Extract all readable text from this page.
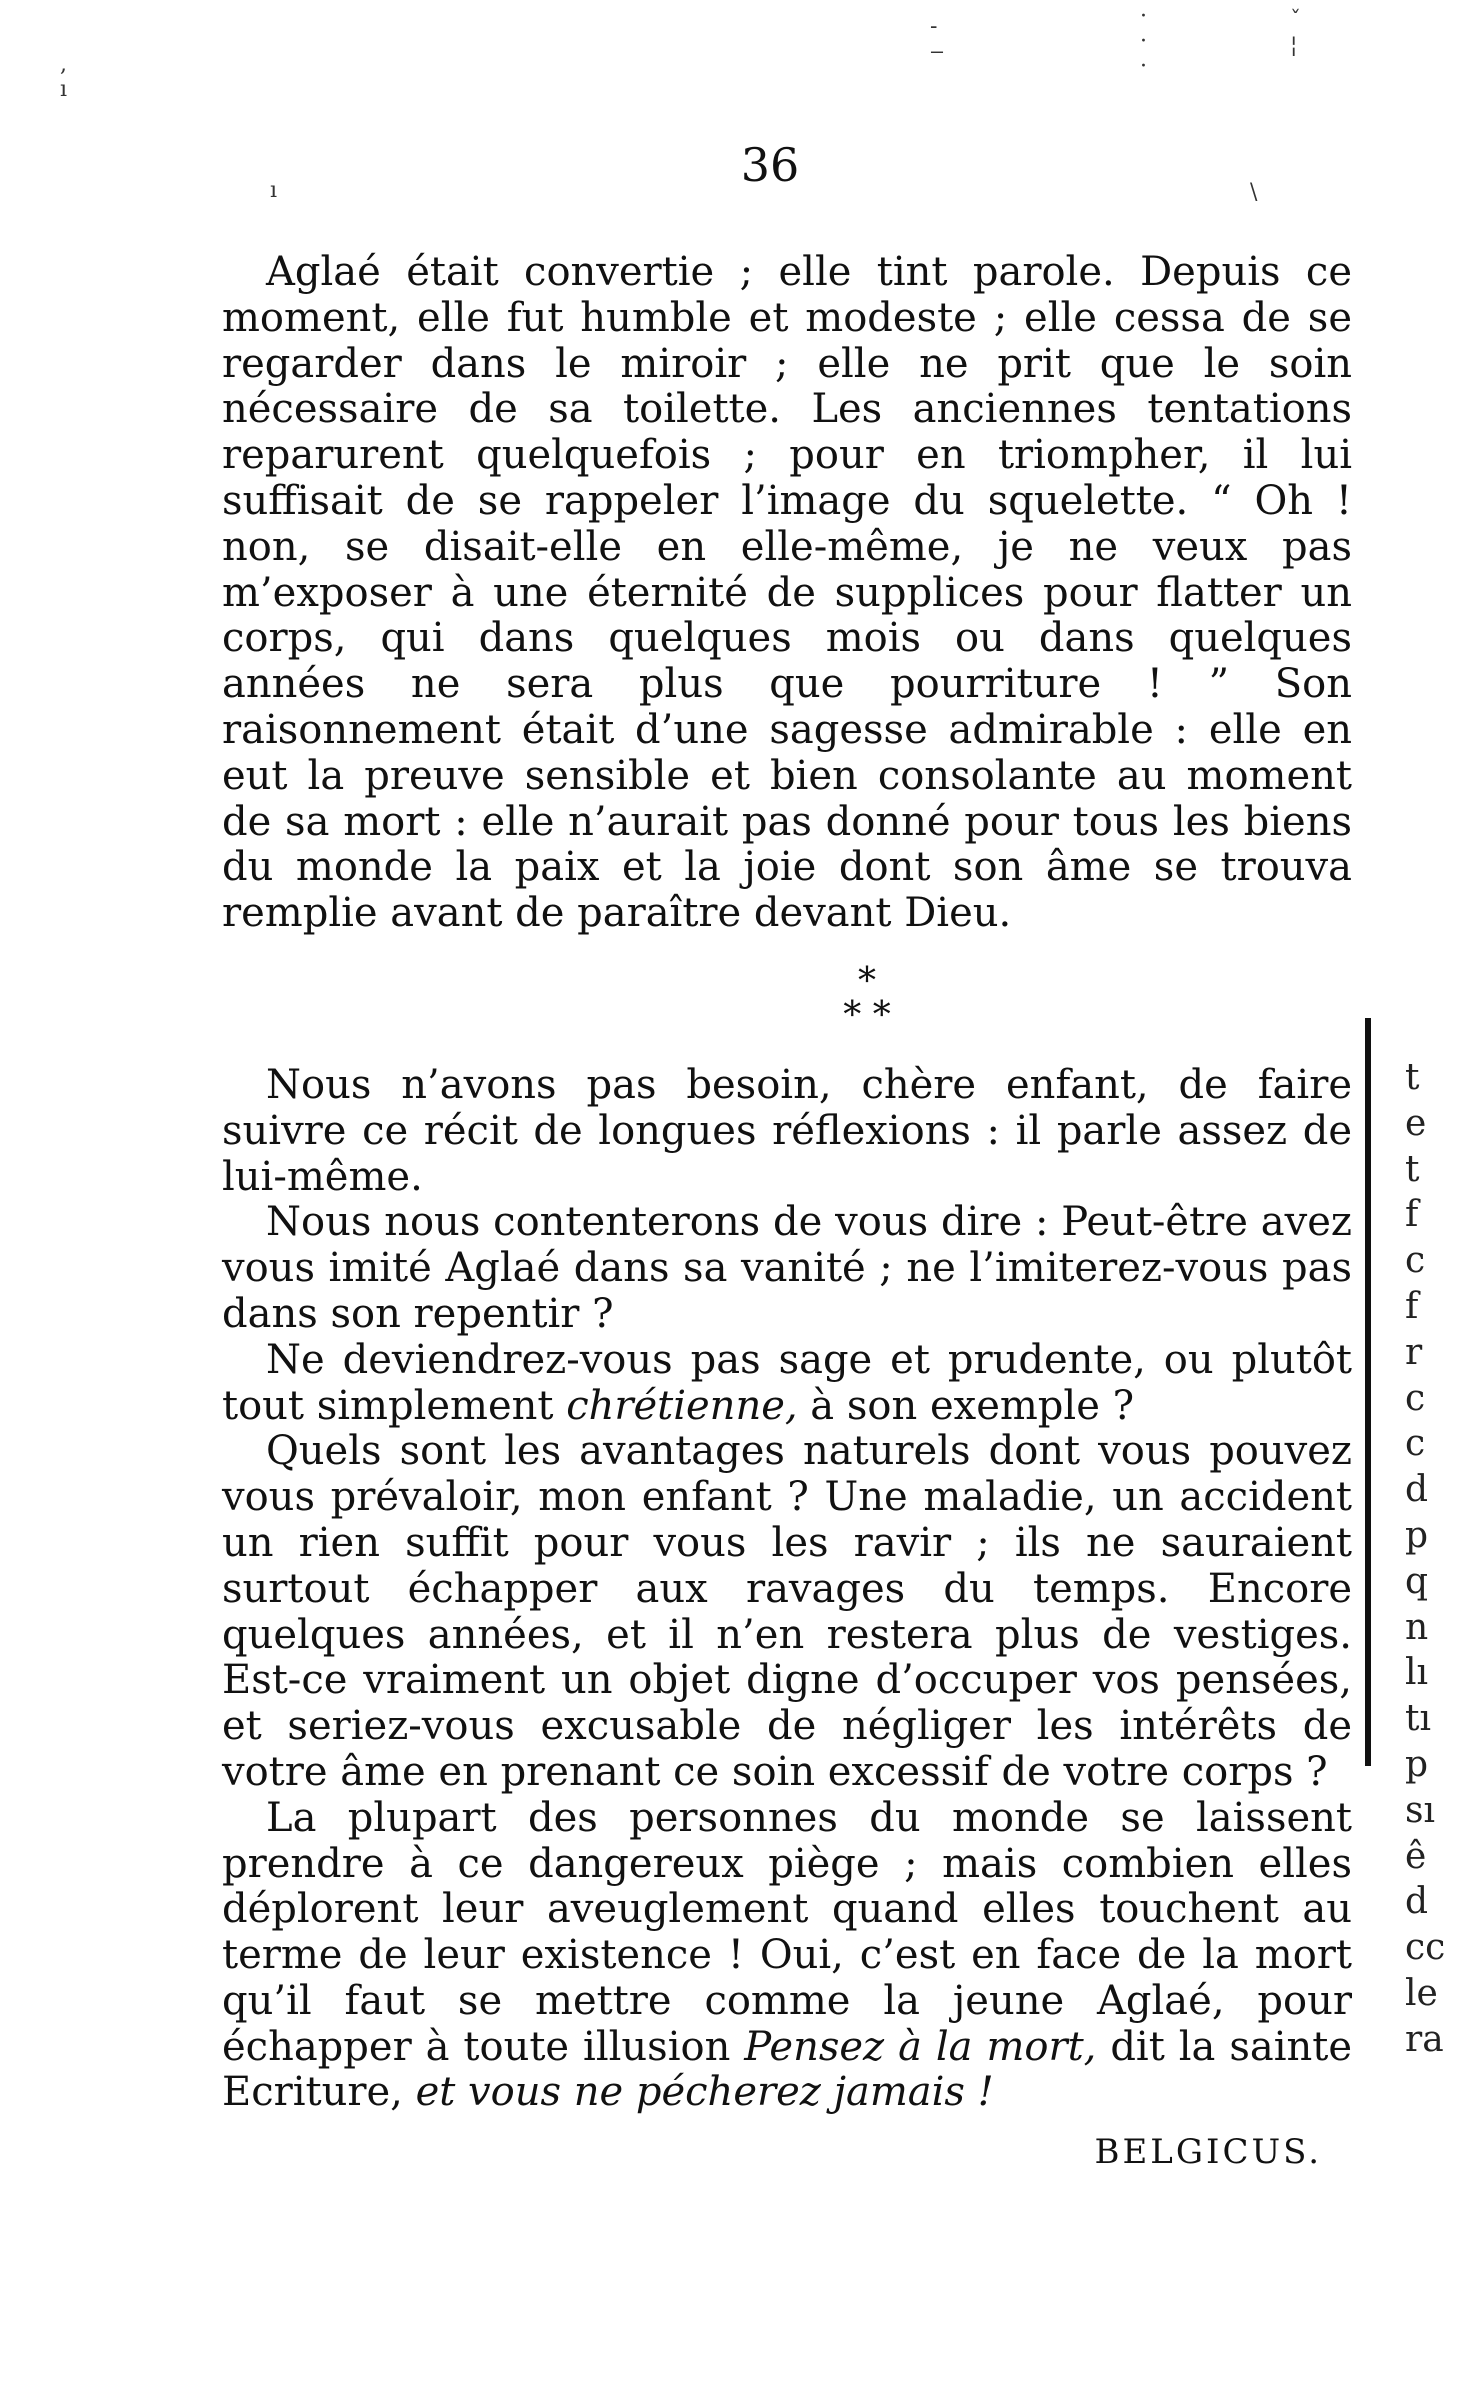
, ı
- ‒
· · ·
ˇ ¦
ı	\
36

Aglaé était convertie ; elle tint parole. Depuis ce moment, elle fut humble et modeste ; elle cessa de se regarder dans le miroir ; elle ne prit que le soin nécessaire de sa toilette. Les anciennes tentations reparurent quelquefois ; pour en triompher, il lui suffisait de se rappeler l’image du squelette. “ Oh ! non, se disait-elle en elle-même, je ne veux pas m’exposer à une éternité de supplices pour flatter un corps, qui dans quelques mois ou dans quelques années ne sera plus que pourriture ! ” Son raisonnement était d’une sagesse admirable : elle en eut la preuve sensible et bien consolante au moment de sa mort : elle n’aurait pas donné pour tous les biens du monde la paix et la joie dont son âme se trouva remplie avant de paraître devant Dieu.

*
* *

Nous n’avons pas besoin, chère enfant, de faire suivre ce récit de longues réflexions : il parle assez de lui-même.

Nous nous contenterons de vous dire : Peut-être avez vous imité Aglaé dans sa vanité ; ne l’imiterez-vous pas dans son repentir ?

Ne deviendrez-vous pas sage et prudente, ou plutôt tout simplement chrétienne, à son exemple ?

Quels sont les avantages naturels dont vous pouvez vous prévaloir, mon enfant ? Une maladie, un accident un rien suffit pour vous les ravir ; ils ne sauraient surtout échapper aux ravages du temps. Encore quelques années, et il n’en restera plus de vestiges. Est-ce vraiment un objet digne d’occuper vos pensées, et seriez-vous excusable de négliger les intérêts de votre âme en prenant ce soin excessif de votre corps ?

La plupart des personnes du monde se laissent prendre à ce dangereux piège ; mais combien elles déplorent leur aveuglement quand elles touchent au terme de leur existence ! Oui, c’est en face de la mort qu’il faut se mettre comme la jeune Aglaé, pour échapper à toute illusion Pensez à la mort, dit la sainte Ecriture, et vous ne pécherez jamais !

BELGICUS.
t
e
t
f
c
f
r
c
c
d
p
q
n
lı
tı
p
sı
ê
d
cc
le
ra
